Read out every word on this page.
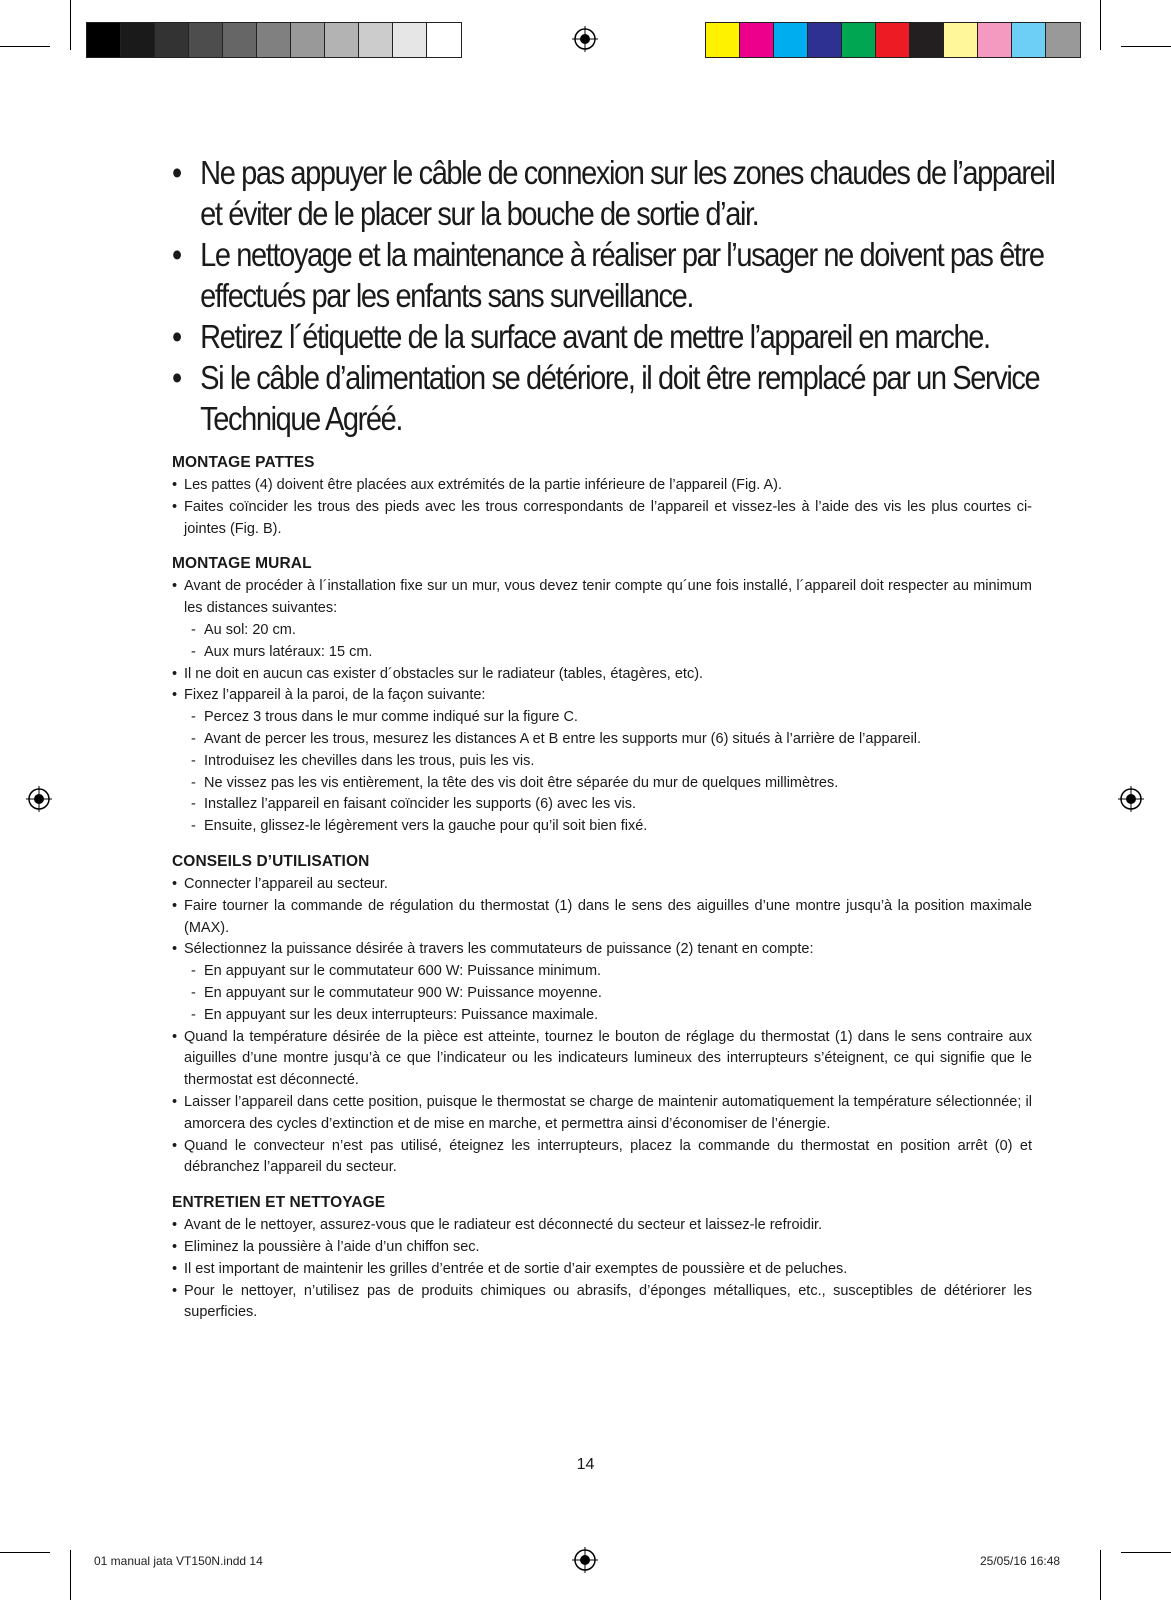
• Ne pas appuyer le câble de connexion sur les zones chaudes de l’appareil et éviter de le placer sur la bouche de sortie d’air.
• Le nettoyage et la maintenance à réaliser par l’usager ne doivent pas être effectués par les enfants sans surveillance.
• Retirez l´étiquette de la surface avant de mettre l’appareil en marche.
• Si le câble d’alimentation se détériore, il doit être remplacé par un Service Technique Agréé.
MONTAGE PATTES
• Les pattes (4) doivent être placées aux extrémités de la partie inférieure de l’appareil (Fig. A).
• Faites coïncider les trous des pieds avec les trous correspondants de l’appareil et vissez-les à l’aide des vis les plus courtes ci-jointes (Fig. B).
MONTAGE MURAL
• Avant de procéder à l´installation fixe sur un mur, vous devez tenir compte qu´une fois installé, l´appareil doit respecter au minimum les distances suivantes:
- Au sol: 20 cm.
- Aux murs latéraux: 15 cm.
• Il ne doit en aucun cas exister d´obstacles sur le radiateur (tables, étagères, etc).
• Fixez l’appareil à la paroi, de la façon suivante:
- Percez 3 trous dans le mur comme indiqué sur la figure C.
- Avant de percer les trous, mesurez les distances A et B entre les supports mur (6) situés à l’arrière de l’appareil.
- Introduisez les chevilles dans les trous, puis les vis.
- Ne vissez pas les vis entièrement, la tête des vis doit être séparée du mur de quelques millimètres.
- Installez l’appareil en faisant coïncider les supports (6) avec les vis.
- Ensuite, glissez-le légèrement vers la gauche pour qu’il soit bien fixé.
CONSEILS D’UTILISATION
• Connecter l’appareil au secteur.
• Faire tourner la commande de régulation du thermostat (1) dans le sens des aiguilles d’une montre jusqu’à la position maximale (MAX).
• Sélectionnez la puissance désirée à travers les commutateurs de puissance (2) tenant en compte:
- En appuyant sur le commutateur 600 W: Puissance minimum.
- En appuyant sur le commutateur 900 W: Puissance moyenne.
- En appuyant sur les deux interrupteurs: Puissance maximale.
• Quand la température désirée de la pièce est atteinte, tournez le bouton de réglage du thermostat (1) dans le sens contraire aux aiguilles d’une montre jusqu’à ce que l’indicateur ou les indicateurs lumineux des interrupteurs s’éteignent, ce qui signifie que le thermostat est déconnecté.
• Laisser l’appareil dans cette position, puisque le thermostat se charge de maintenir automatiquement la température sélectionnée; il amorcera des cycles d’extinction et de mise en marche, et permettra ainsi d’économiser de l’énergie.
• Quand le convecteur n’est pas utilisé, éteignez les interrupteurs, placez la commande du thermostat en position arrêt (0) et débranchez l’appareil du secteur.
ENTRETIEN ET NETTOYAGE
• Avant de le nettoyer, assurez-vous que le radiateur est déconnecté du secteur et laissez-le refroidir.
• Eliminez la poussière à l’aide d’un chiffon sec.
• Il est important de maintenir les grilles d’entrée et de sortie d’air exemptes de poussière et de peluches.
• Pour le nettoyer, n’utilisez pas de produits chimiques ou abrasifs, d’éponges métalliques, etc., susceptibles de détériorer les superficies.
14
01 manual jata VT150N.indd 14	25/05/16 16:48
